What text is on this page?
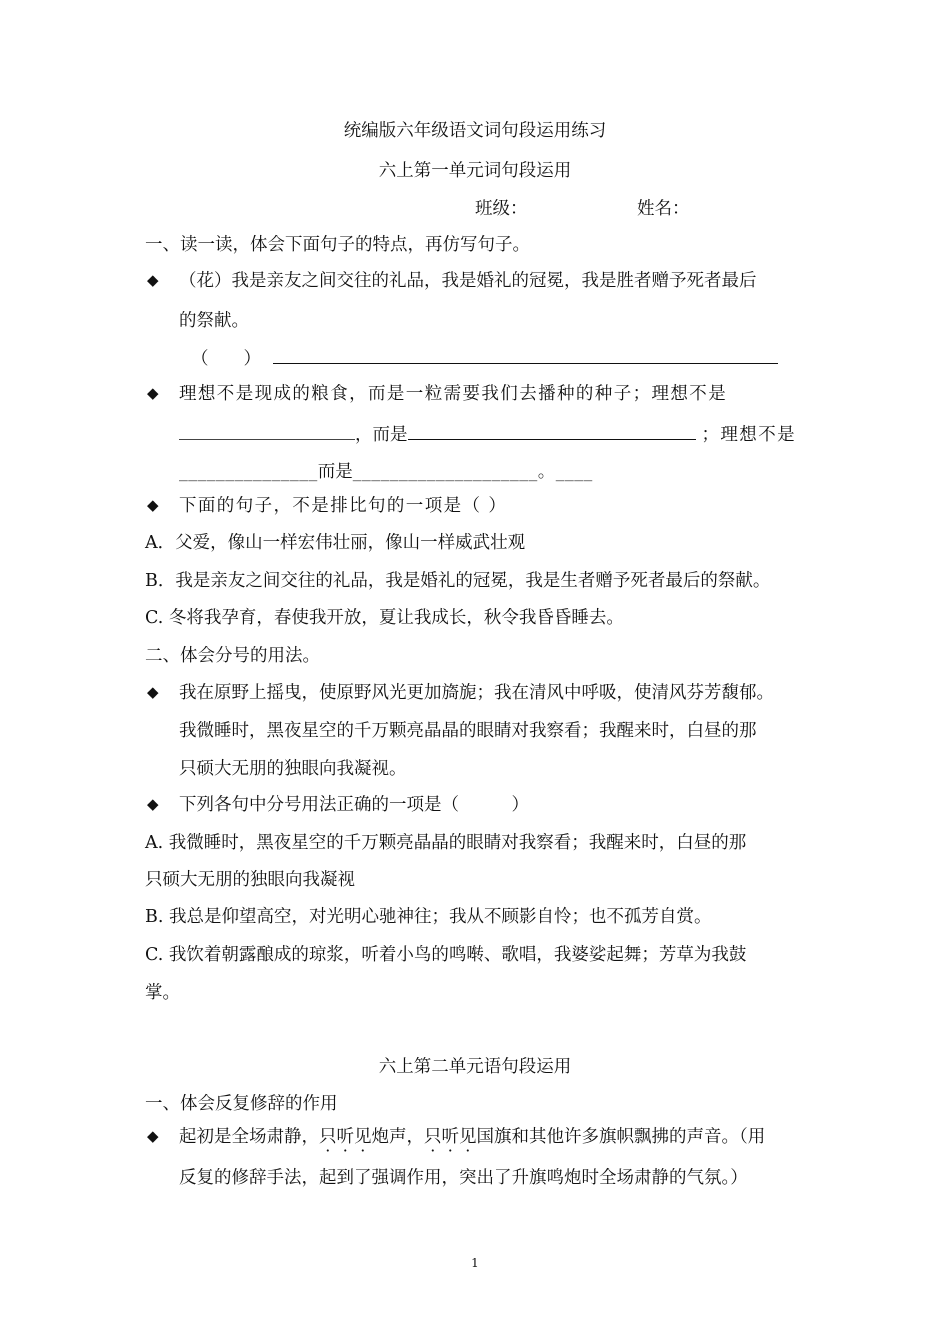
统编版六年级语文词句段运用练习
六上第一单元词句段运用
班级：	姓名：
一、读一读，体会下面句子的特点，再仿写句子。
◆ （花）我是亲友之间交往的礼品，我是婚礼的冠冕，我是胜者赠予死者最后
的祭献。
（　　）
◆ 理想不是现成的粮食，而是一粒需要我们去播种的种子；理想不是
，而是	；理想不是
_______________而是____________________。____
◆ 下面的句子，不是排比句的一项是（ ）
A．父爱，像山一样宏伟壮丽，像山一样威武壮观
B．我是亲友之间交往的礼品，我是婚礼的冠冕，我是生者赠予死者最后的祭献。
C. 冬将我孕育，春使我开放，夏让我成长，秋令我昏昏睡去。
二、体会分号的用法。
◆ 我在原野上摇曳，使原野风光更加旖旎；我在清风中呼吸，使清风芬芳馥郁。
我微睡时，黑夜星空的千万颗亮晶晶的眼睛对我察看；我醒来时，白昼的那
只硕大无朋的独眼向我凝视。
◆ 下列各句中分号用法正确的一项是（　　　）
A. 我微睡时，黑夜星空的千万颗亮晶晶的眼睛对我察看；我醒来时，白昼的那
只硕大无朋的独眼向我凝视
B. 我总是仰望高空，对光明心驰神往；我从不顾影自怜；也不孤芳自赏。
C. 我饮着朝露酿成的琼浆，听着小鸟的鸣啭、歌唱，我婆娑起舞；芳草为我鼓
掌。
六上第二单元语句段运用
一、体会反复修辞的作用
◆ 起初是全场肃静，只听见炮声，只听见国旗和其他许多旗帜飘拂的声音。（用
反复的修辞手法，起到了强调作用，突出了升旗鸣炮时全场肃静的气氛。）
1
